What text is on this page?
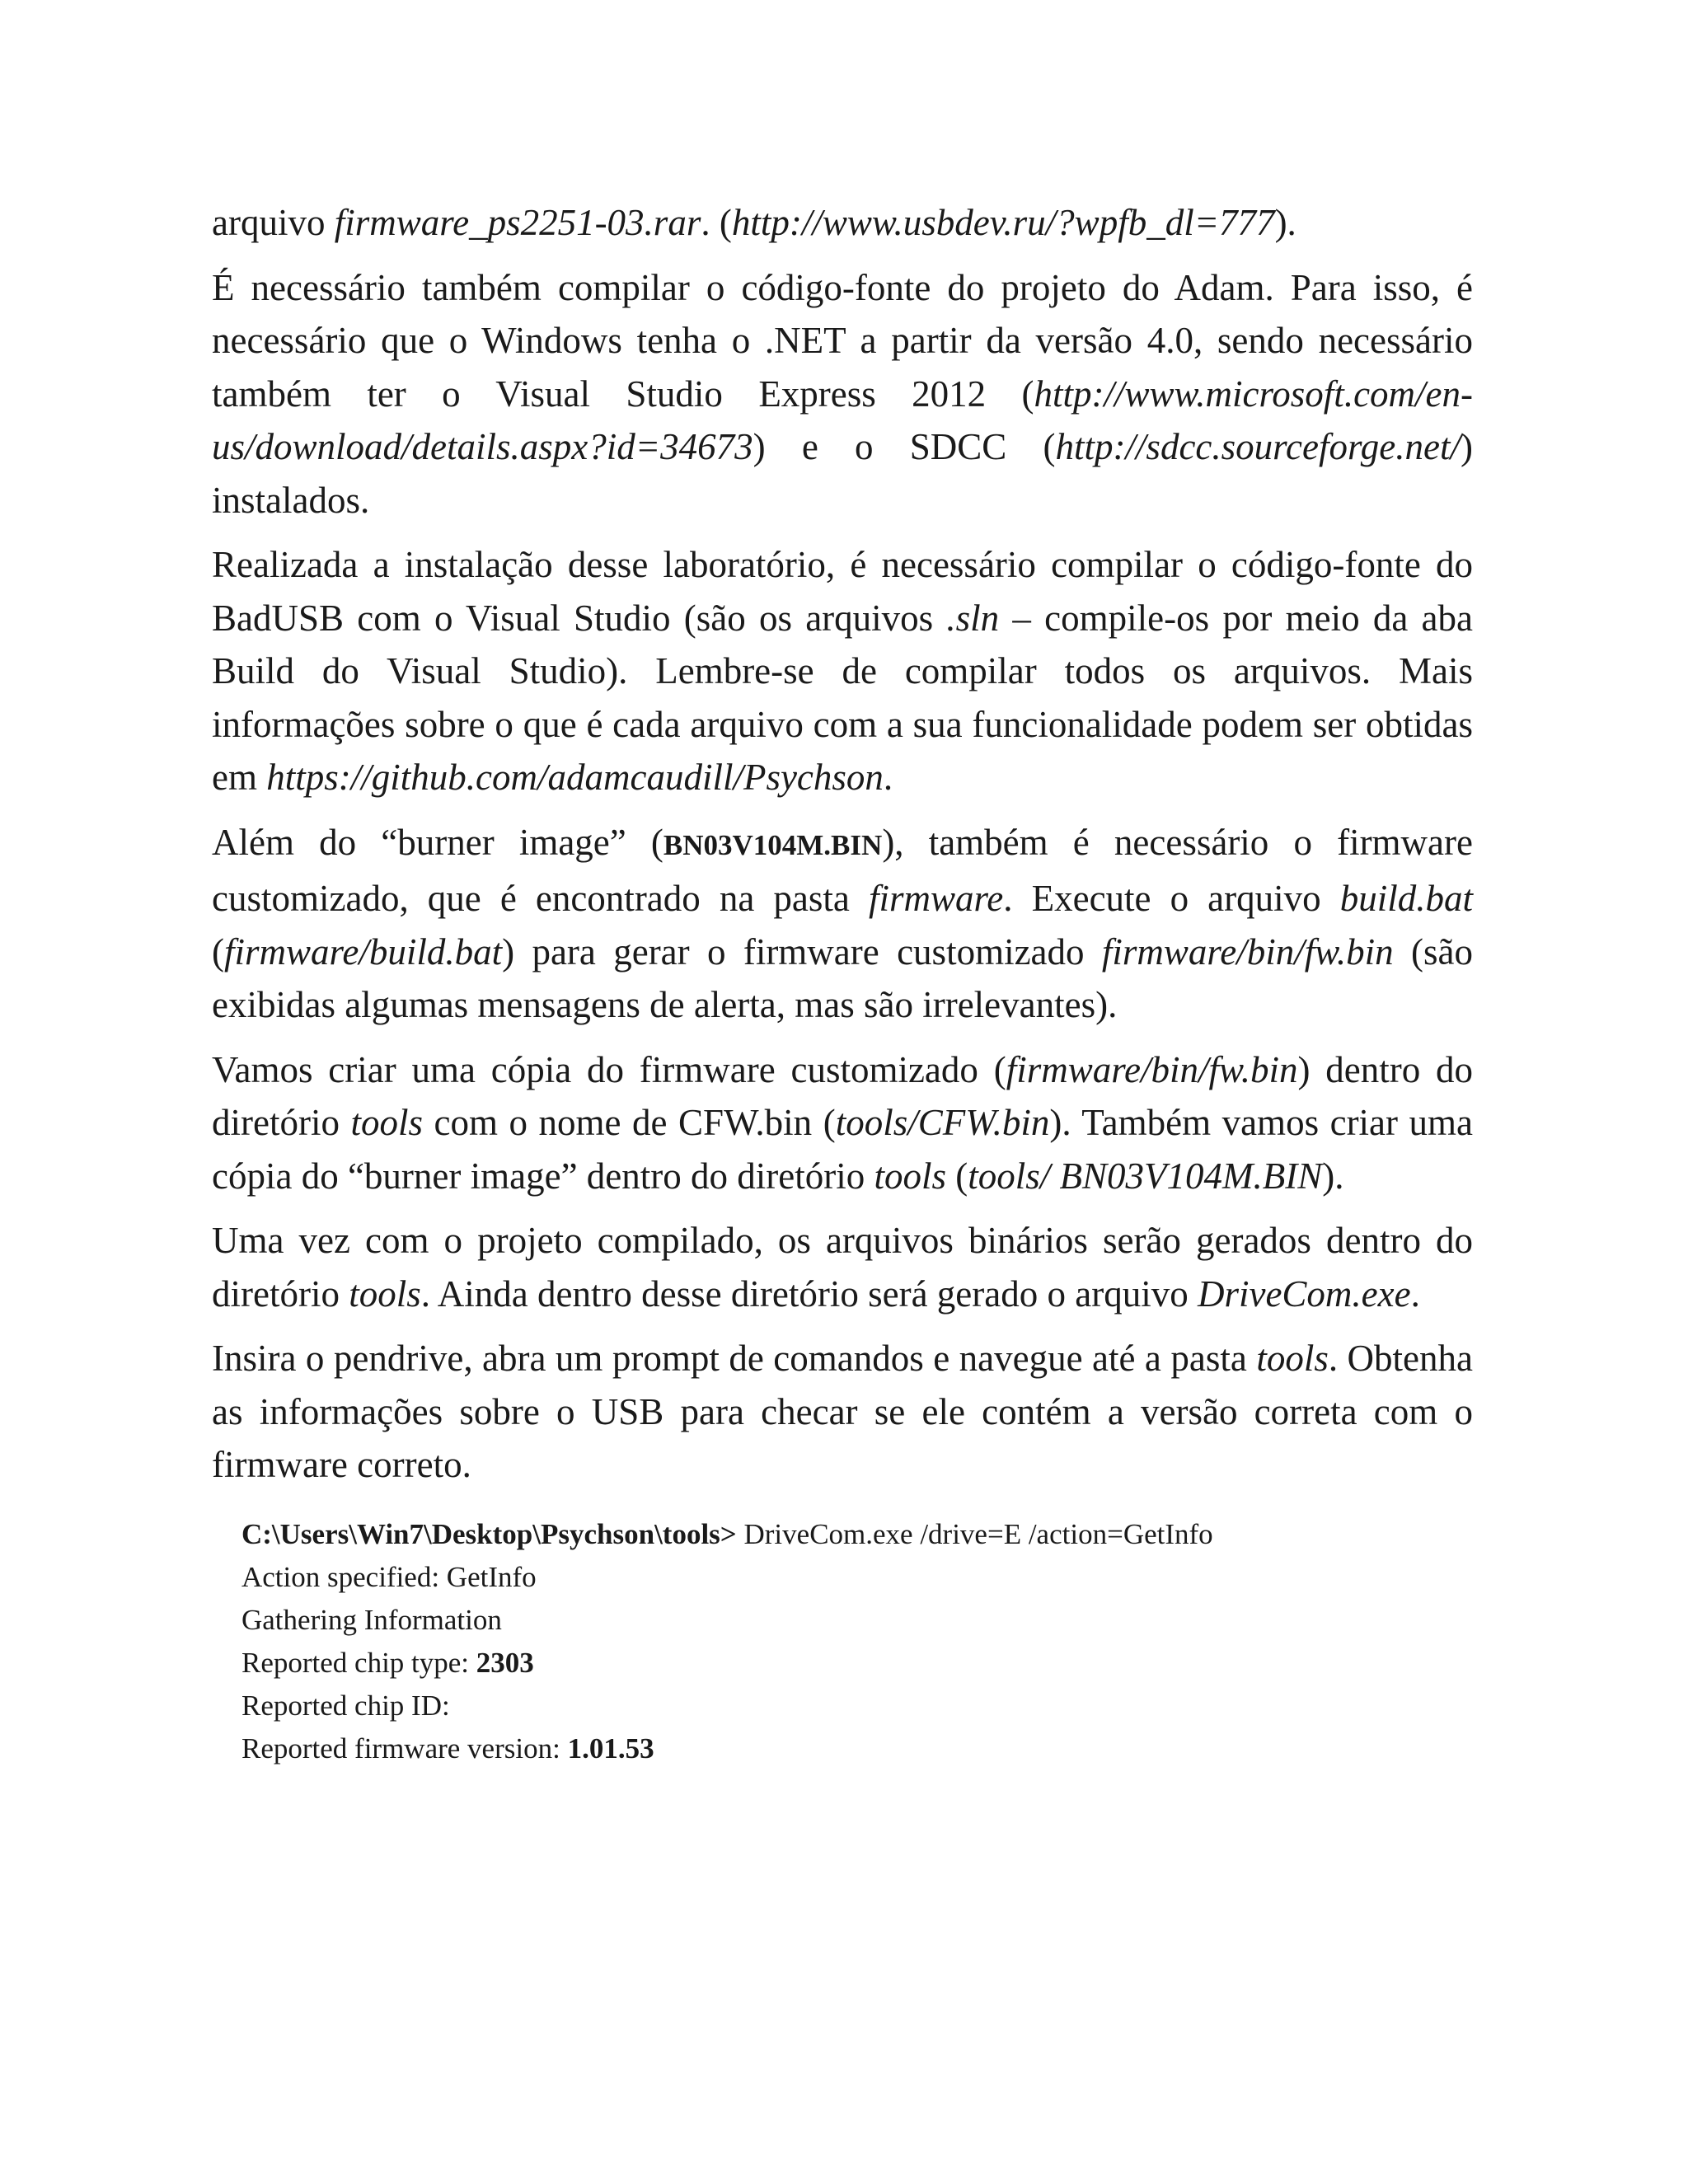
arquivo firmware_ps2251-03.rar. (http://www.usbdev.ru/?wpfb_dl=777).

É necessário também compilar o código-fonte do projeto do Adam. Para isso, é necessário que o Windows tenha o .NET a partir da versão 4.0, sendo necessário também ter o Visual Studio Express 2012 (http://www.microsoft.com/en-us/download/details.aspx?id=34673) e o SDCC (http://sdcc.sourceforge.net/) instalados.

Realizada a instalação desse laboratório, é necessário compilar o código-fonte do BadUSB com o Visual Studio (são os arquivos .sln – compile-os por meio da aba Build do Visual Studio). Lembre-se de compilar todos os arquivos. Mais informações sobre o que é cada arquivo com a sua funcionalidade podem ser obtidas em https://github.com/adamcaudill/Psychson.

Além do “burner image” (BN03V104M.BIN), também é necessário o firmware customizado, que é encontrado na pasta firmware. Execute o arquivo build.bat (firmware/build.bat) para gerar o firmware customizado firmware/bin/fw.bin (são exibidas algumas mensagens de alerta, mas são irrelevantes).

Vamos criar uma cópia do firmware customizado (firmware/bin/fw.bin) dentro do diretório tools com o nome de CFW.bin (tools/CFW.bin). Também vamos criar uma cópia do “burner image” dentro do diretório tools (tools/ BN03V104M.BIN).

Uma vez com o projeto compilado, os arquivos binários serão gerados dentro do diretório tools. Ainda dentro desse diretório será gerado o arquivo DriveCom.exe.

Insira o pendrive, abra um prompt de comandos e navegue até a pasta tools. Obtenha as informações sobre o USB para checar se ele contém a versão correta com o firmware correto.

C:\Users\Win7\Desktop\Psychson\tools> DriveCom.exe /drive=E /action=GetInfo
Action specified: GetInfo
Gathering Information
Reported chip type: 2303
Reported chip ID:
Reported firmware version: 1.01.53
